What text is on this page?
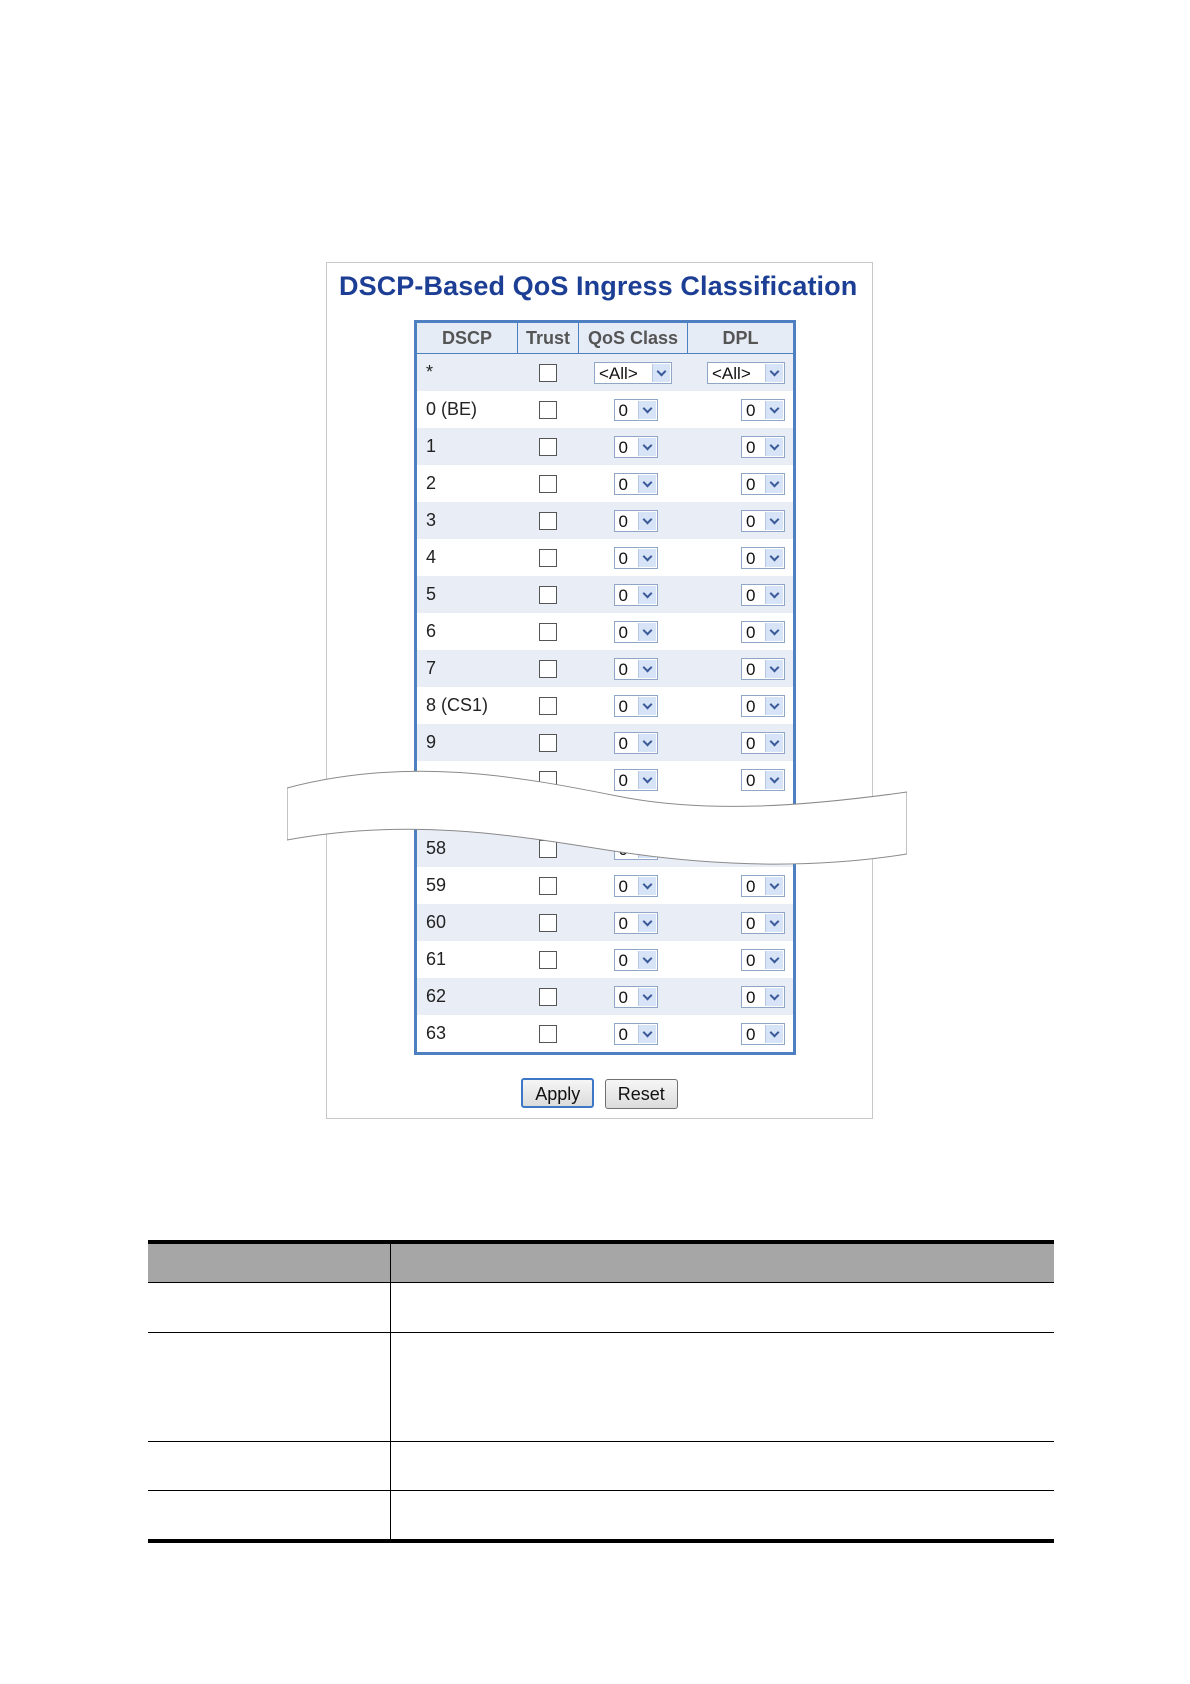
DSCP-Based QoS Ingress Classification
DSCP	Trust	QoS Class	DPL
*		<All>	<All>

0 (BE)		0	0

1		0	0

2		0	0

3		0	0

4		0	0

5		0	0

6		0	0

7		0	0

8 (CS1)		0	0

9		0	0

		0	0

58		

59		0	0

60		0	0

61		0	0

62		0	0

63		0	0
Apply Reset
